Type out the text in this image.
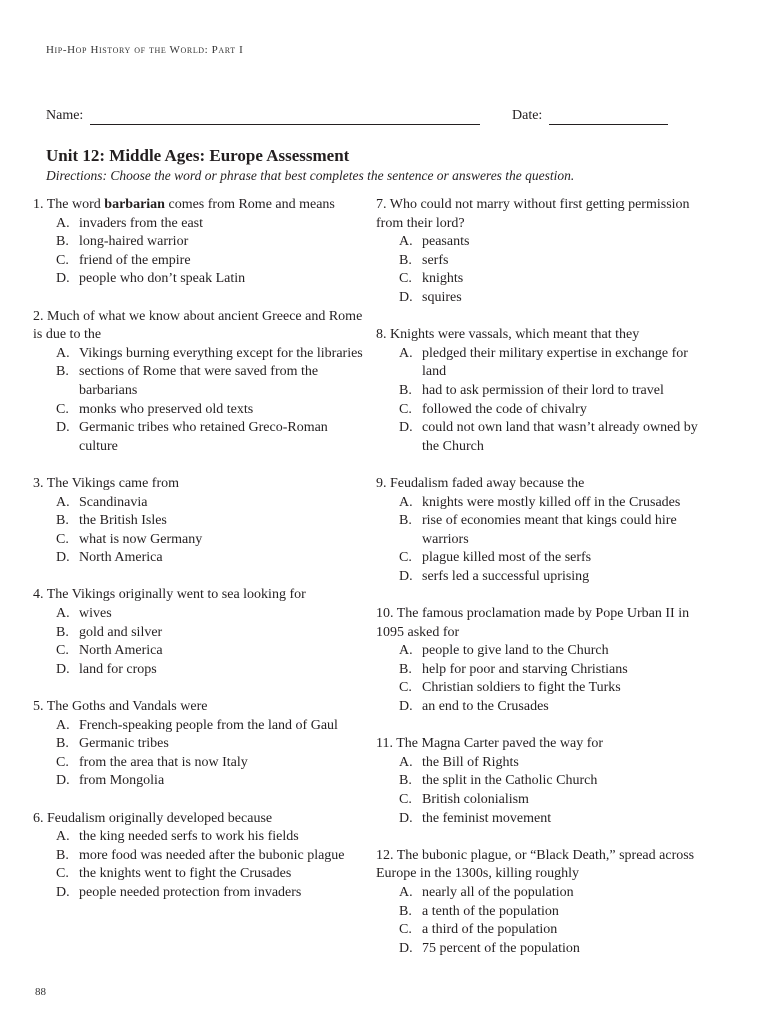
Hip-Hop History of the World: Part I
Name:	Date:
Unit 12: Middle Ages: Europe Assessment
Directions: Choose the word or phrase that best completes the sentence or answeres the question.

1. The word barbarian comes from Rome and means

A. invaders from the east
B. long-haired warrior
C. friend of the empire
D. people who don’t speak Latin

2. Much of what we know about ancient Greece and Rome is due to the

A. Vikings burning everything except for the libraries
B. sections of Rome that were saved from the barbarians
C. monks who preserved old texts
D. Germanic tribes who retained Greco-Roman culture

3. The Vikings came from

A. Scandinavia
B. the British Isles
C. what is now Germany
D. North America

4. The Vikings originally went to sea looking for

A. wives
B. gold and silver
C. North America
D. land for crops

5. The Goths and Vandals were

A. French-speaking people from the land of Gaul
B. Germanic tribes
C. from the area that is now Italy
D. from Mongolia

6. Feudalism originally developed because

A. the king needed serfs to work his fields
B. more food was needed after the bubonic plague
C. the knights went to fight the Crusades
D. people needed protection from invaders

7. Who could not marry without first getting permission from their lord?

A. peasants
B. serfs
C. knights
D. squires

8. Knights were vassals, which meant that they

A. pledged their military expertise in exchange for land
B. had to ask permission of their lord to travel
C. followed the code of chivalry
D. could not own land that wasn’t already owned by the Church

9. Feudalism faded away because the

A. knights were mostly killed off in the Crusades
B. rise of economies meant that kings could hire warriors
C. plague killed most of the serfs
D. serfs led a successful uprising

10. The famous proclamation made by Pope Urban II in 1095 asked for

A. people to give land to the Church
B. help for poor and starving Christians
C. Christian soldiers to fight the Turks
D. an end to the Crusades

11. The Magna Carter paved the way for

A. the Bill of Rights
B. the split in the Catholic Church
C. British colonialism
D. the feminist movement

12. The bubonic plague, or “Black Death,” spread across Europe in the 1300s, killing roughly

A. nearly all of the population
B. a tenth of the population
C. a third of the population
D. 75 percent of the population
88
